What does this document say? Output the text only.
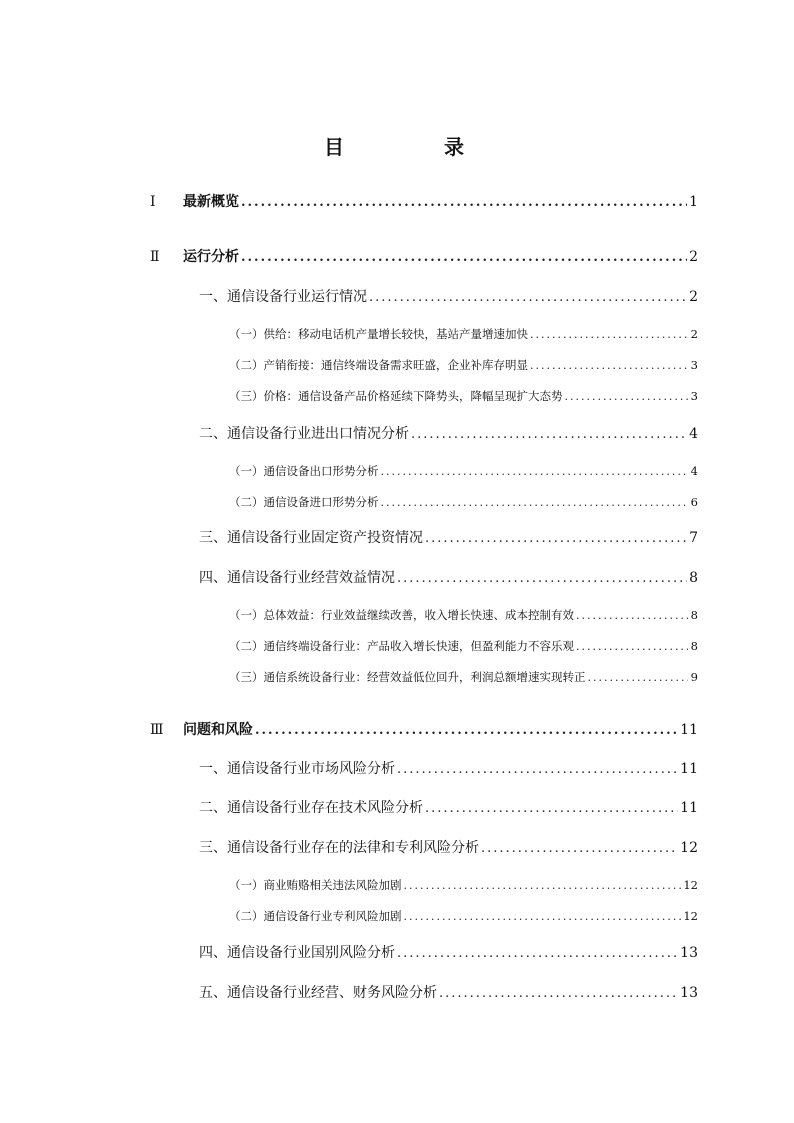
目　录
Ⅰ	最新概览 .....	1
Ⅱ	运行分析 .....	2
一、通信设备行业运行情况 .....	2
（一）供给：移动电话机产量增长较快，基站产量增速加快 .....	2
（二）产销衔接：通信终端设备需求旺盛，企业补库存明显 .....	3
（三）价格：通信设备产品价格延续下降势头，降幅呈现扩大态势 .....	3
二、通信设备行业进出口情况分析 .....	4
（一）通信设备出口形势分析 .....	4
（二）通信设备进口形势分析 .....	6
三、通信设备行业固定资产投资情况 .....	7
四、通信设备行业经营效益情况 .....	8
（一）总体效益：行业效益继续改善，收入增长快速、成本控制有效 .....	8
（二）通信终端设备行业：产品收入增长快速，但盈利能力不容乐观 .....	8
（三）通信系统设备行业：经营效益低位回升，利润总额增速实现转正 .....	9
Ⅲ	问题和风险 .....	11
一、通信设备行业市场风险分析 .....	11
二、通信设备行业存在技术风险分析 .....	11
三、通信设备行业存在的法律和专利风险分析 .....	12
（一）商业贿赂相关违法风险加剧 .....	12
（二）通信设备行业专利风险加剧 .....	12
四、通信设备行业国别风险分析 .....	13
五、通信设备行业经营、财务风险分析 .....	13
